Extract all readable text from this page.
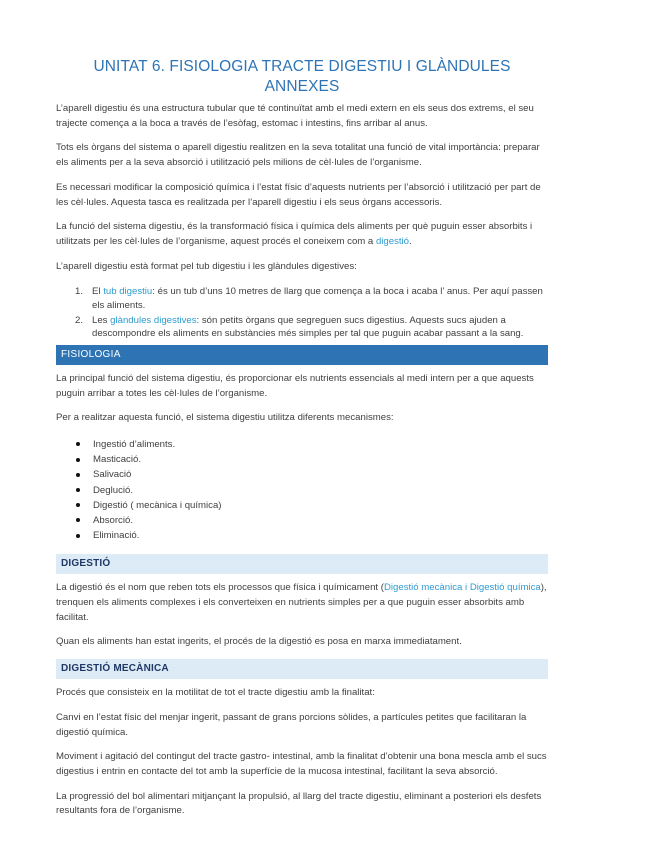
UNITAT 6. FISIOLOGIA TRACTE DIGESTIU I GLÀNDULES ANNEXES

L’aparell digestiu és una estructura tubular que té continuïtat amb el medi extern en els seus dos extrems, el seu trajecte comença a la boca a través de l’esòfag, estomac i intestins, fins arribar al anus.

Tots els òrgans del sistema o aparell digestiu realitzen en la seva totalitat una funció de vital importància: preparar els aliments per a la seva absorció i utilització pels milions de cèl·lules de l’organisme.

Es necessari modificar la composició química i l’estat físic d’aquests nutrients per l’absorció i utilització per part de les cèl·lules. Aquesta tasca es realitzada per l’aparell digestiu i els seus òrgans accessoris.

La funció del sistema digestiu, és la transformació física i química dels aliments per què puguin esser absorbits i utilitzats per les cèl·lules de l’organisme, aquest procés el coneixem com a digestió.

L’aparell digestiu està format pel tub digestiu i les glàndules digestives:

1. El tub digestiu: és un tub d’uns 10 metres de llarg que comença a la boca i acaba l’ anus. Per aquí passen els aliments.
2. Les glàndules digestives: són petits òrgans que segreguen sucs digestius. Aquests sucs ajuden a descompondre els aliments en substàncies més simples per tal que puguin acabar passant a la sang.
FISIOLOGIA

La principal funció del sistema digestiu, és proporcionar els nutrients essencials al medi intern per a que aquests puguin arribar a totes les cèl·lules de l’organisme.

Per a realitzar aquesta funció, el sistema digestiu utilitza diferents mecanismes:

Ingestió d’aliments.
Masticació.
Salivació
Deglució.
Digestió ( mecànica i química)
Absorció.
Eliminació.
DIGESTIÓ

La digestió és el nom que reben tots els processos que física i químicament (Digestió mecànica i Digestió química), trenquen els aliments complexes i els converteixen en nutrients simples per a que puguin esser absorbits amb facilitat.

Quan els aliments han estat ingerits, el procés de la digestió es posa en marxa immediatament.

DIGESTIÓ MECÀNICA

Procés que consisteix en la motilitat de tot el tracte digestiu amb la finalitat:

Canvi en l’estat físic del menjar ingerit, passant de grans porcions sòlides, a partícules petites que facilitaran la digestió química.

Moviment i agitació del contingut del tracte gastro- intestinal, amb la finalitat d’obtenir una bona mescla amb el sucs digestius i entrin en contacte del tot amb la superfície de la mucosa intestinal, facilitant la seva absorció.

La progressió del bol alimentari mitjançant la propulsió, al llarg del tracte digestiu, eliminant a posteriori els desfets resultants fora de l’organisme.
